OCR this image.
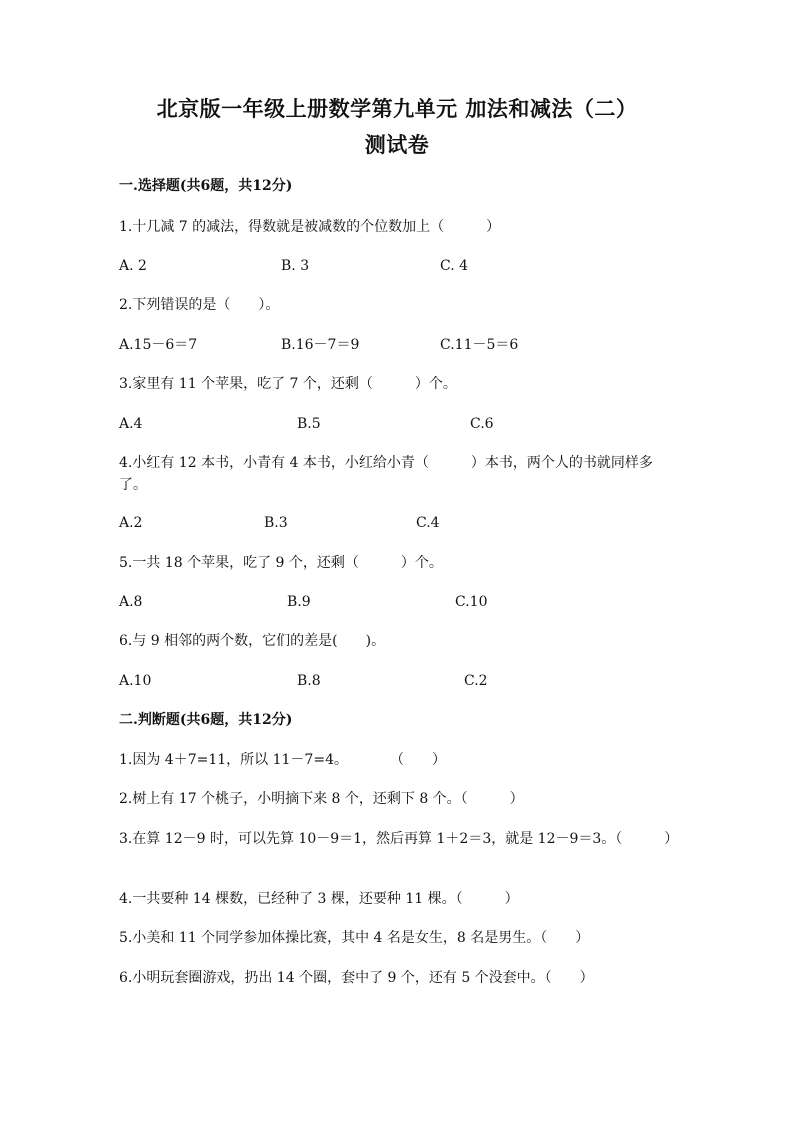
北京版一年级上册数学第九单元 加法和减法（二）
测试卷
一.选择题(共6题，共12分)
1.十几减 7 的减法，得数就是被减数的个位数加上（　　　）
A. 2	B. 3	C. 4
2.下列错误的是（　　）。
A.15－6＝7	B.16－7＝9	C.11－5＝6
3.家里有 11 个苹果，吃了 7 个，还剩（　　　）个。
A.4	B.5	C.6
4.小红有 12 本书，小青有 4 本书，小红给小青（　　　）本书，两个人的书就同样多了。
A.2	B.3	C.4
5.一共 18 个苹果，吃了 9 个，还剩（　　　）个。
A.8	B.9	C.10
6.与 9 相邻的两个数，它们的差是(　　)。
A.10	B.8	C.2
二.判断题(共6题，共12分)
1.因为 4＋7=11，所以 11－7=4。　　　　（　　）
2.树上有 17 个桃子，小明摘下来 8 个，还剩下 8 个。（　　　）
3.在算 12－9 时，可以先算 10－9＝1，然后再算 1＋2＝3，就是 12－9＝3。（　　　）
4.一共要种 14 棵数，已经种了 3 棵，还要种 11 棵。（　　　）
5.小美和 11 个同学参加体操比赛，其中 4 名是女生，8 名是男生。（　　）
6.小明玩套圈游戏，扔出 14 个圈，套中了 9 个，还有 5 个没套中。（　　）
